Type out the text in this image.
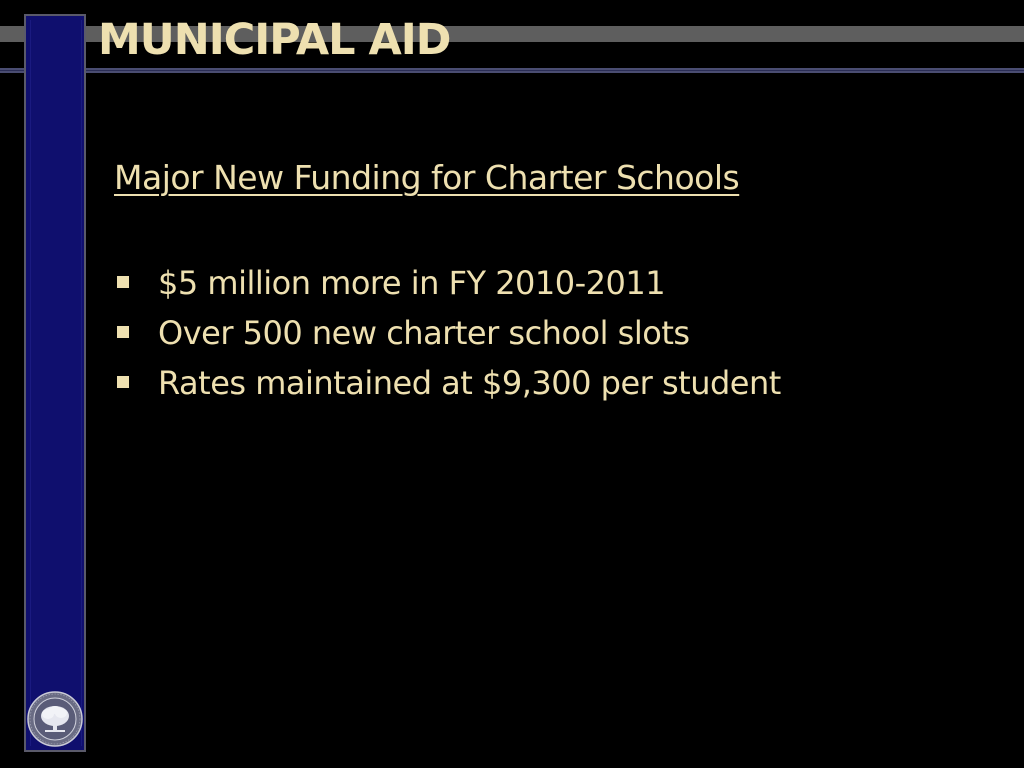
MUNICIPAL AID
Major New Funding for Charter Schools
$5 million more in FY 2010-2011
Over 500 new charter school slots
Rates maintained at $9,300 per student
